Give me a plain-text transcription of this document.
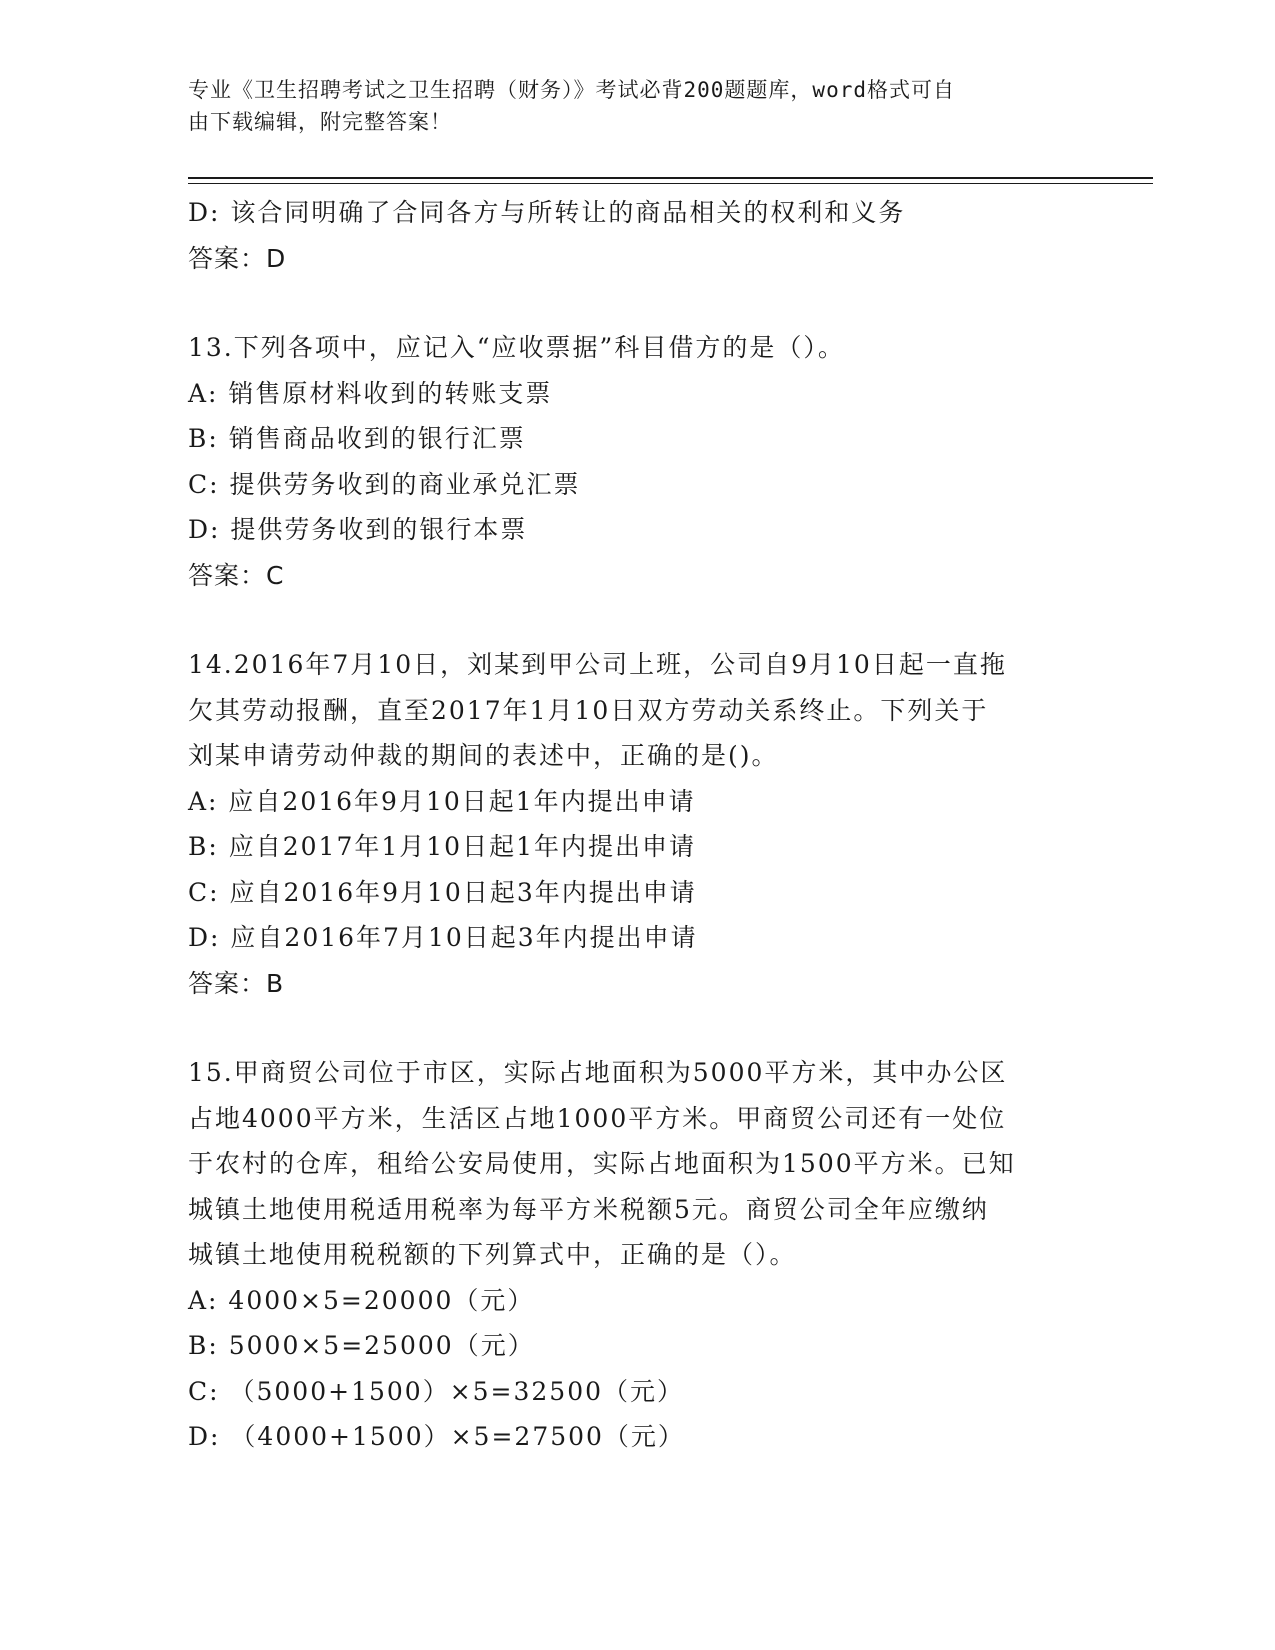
专业《卫生招聘考试之卫生招聘（财务）》考试必背200题题库，word格式可自
由下载编辑，附完整答案！
D: 该合同明确了合同各方与所转让的商品相关的权利和义务
答案：D
13.下列各项中，应记入“应收票据”科目借方的是（）。
A: 销售原材料收到的转账支票
B: 销售商品收到的银行汇票
C: 提供劳务收到的商业承兑汇票
D: 提供劳务收到的银行本票
答案：C
14.2016年7月10日，刘某到甲公司上班，公司自9月10日起一直拖
欠其劳动报酬，直至2017年1月10日双方劳动关系终止。下列关于
刘某申请劳动仲裁的期间的表述中，正确的是()。
A: 应自2016年9月10日起1年内提出申请
B: 应自2017年1月10日起1年内提出申请
C: 应自2016年9月10日起3年内提出申请
D: 应自2016年7月10日起3年内提出申请
答案：B
15.甲商贸公司位于市区，实际占地面积为5000平方米，其中办公区
占地4000平方米，生活区占地1000平方米。甲商贸公司还有一处位
于农村的仓库，租给公安局使用，实际占地面积为1500平方米。已知
城镇土地使用税适用税率为每平方米税额5元。商贸公司全年应缴纳
城镇土地使用税税额的下列算式中，正确的是（）。
A: 4000×5=20000（元）
B: 5000×5=25000（元）
C: （5000+1500）×5=32500（元）
D: （4000+1500）×5=27500（元）
